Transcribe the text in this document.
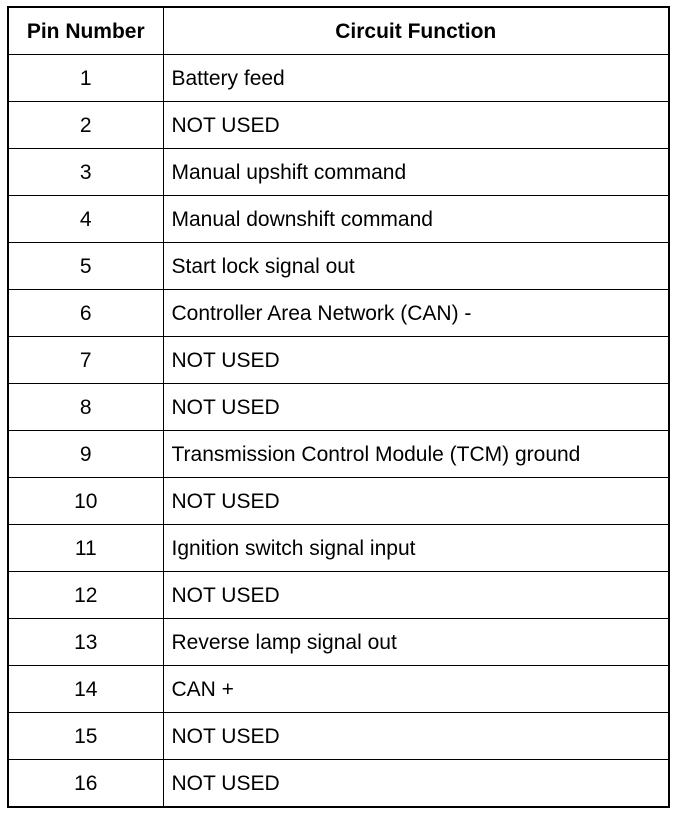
Pin Number	Circuit Function
1	Battery feed
2	NOT USED
3	Manual upshift command
4	Manual downshift command
5	Start lock signal out
6	Controller Area Network (CAN) -
7	NOT USED
8	NOT USED
9	Transmission Control Module (TCM) ground
10	NOT USED
11	Ignition switch signal input
12	NOT USED
13	Reverse lamp signal out
14	CAN +
15	NOT USED
16	NOT USED
